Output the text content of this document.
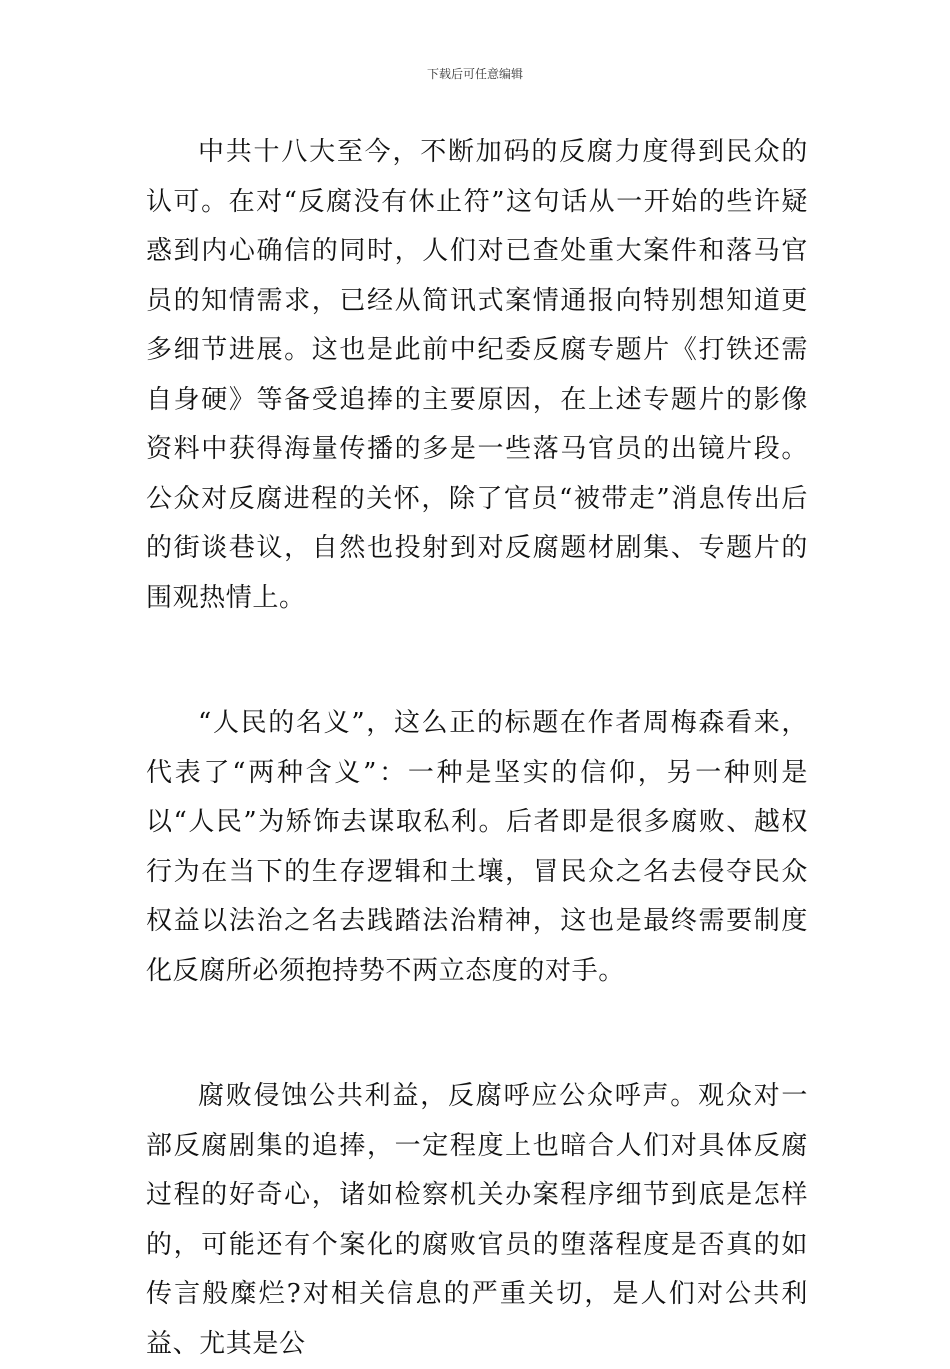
下载后可任意编辑

中共十八大至今，不断加码的反腐力度得到民众的认可。在对“反腐没有休止符”这句话从一开始的些许疑惑到内心确信的同时，人们对已查处重大案件和落马官员的知情需求，已经从简讯式案情通报向特别想知道更多细节进展。这也是此前中纪委反腐专题片《打铁还需自身硬》等备受追捧的主要原因，在上述专题片的影像资料中获得海量传播的多是一些落马官员的出镜片段。公众对反腐进程的关怀，除了官员“被带走”消息传出后的街谈巷议，自然也投射到对反腐题材剧集、专题片的围观热情上。

“人民的名义”，这么正的标题在作者周梅森看来，代表了“两种含义”：一种是坚实的信仰，另一种则是以“人民”为矫饰去谋取私利。后者即是很多腐败、越权行为在当下的生存逻辑和土壤，冒民众之名去侵夺民众权益以法治之名去践踏法治精神，这也是最终需要制度化反腐所必须抱持势不两立态度的对手。

腐败侵蚀公共利益，反腐呼应公众呼声。观众对一部反腐剧集的追捧，一定程度上也暗合人们对具体反腐过程的好奇心，诸如检察机关办案程序细节到底是怎样的，可能还有个案化的腐败官员的堕落程度是否真的如传言般糜烂?对相关信息的严重关切，是人们对公共利益、尤其是公
